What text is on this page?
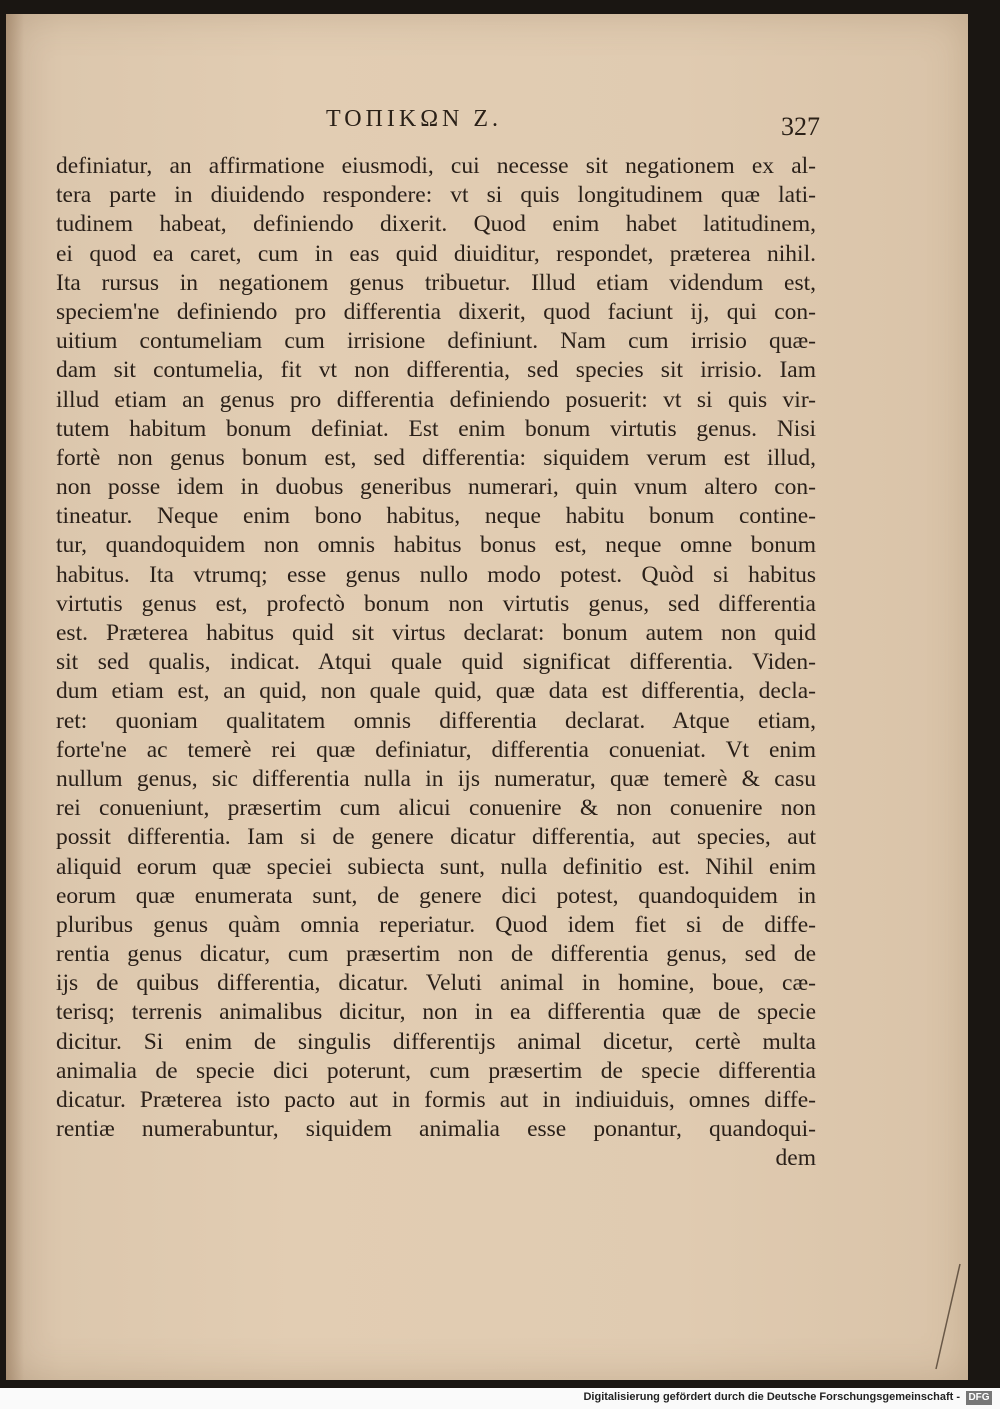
ΤΟΠΙΚΩΝ Ζ.	327
definiatur, an affirmatione eiusmodi, cui necesse sit negationem ex al-
tera parte in diuidendo respondere: vt si quis longitudinem quæ lati-
tudinem habeat, definiendo dixerit. Quod enim habet latitudinem,
ei quod ea caret, cum in eas quid diuiditur, respondet, præterea nihil.
Ita rursus in negationem genus tribuetur. Illud etiam videndum est,
speciem'ne definiendo pro differentia dixerit, quod faciunt ij, qui con-
uitium contumeliam cum irrisione definiunt. Nam cum irrisio quæ-
dam sit contumelia, fit vt non differentia, sed species sit irrisio. Iam
illud etiam an genus pro differentia definiendo posuerit: vt si quis vir-
tutem habitum bonum definiat. Est enim bonum virtutis genus. Nisi
fortè non genus bonum est, sed differentia: siquidem verum est illud,
non posse idem in duobus generibus numerari, quin vnum altero con-
tineatur. Neque enim bono habitus, neque habitu bonum contine-
tur, quandoquidem non omnis habitus bonus est, neque omne bonum
habitus. Ita vtrumq; esse genus nullo modo potest. Quòd si habitus
virtutis genus est, profectò bonum non virtutis genus, sed differentia
est. Præterea habitus quid sit virtus declarat: bonum autem non quid
sit sed qualis, indicat. Atqui quale quid significat differentia. Viden-
dum etiam est, an quid, non quale quid, quæ data est differentia, decla-
ret: quoniam qualitatem omnis differentia declarat. Atque etiam,
forte'ne ac temerè rei quæ definiatur, differentia conueniat. Vt enim
nullum genus, sic differentia nulla in ijs numeratur, quæ temerè & casu
rei conueniunt, præsertim cum alicui conuenire & non conuenire non
possit differentia. Iam si de genere dicatur differentia, aut species, aut
aliquid eorum quæ speciei subiecta sunt, nulla definitio est. Nihil enim
eorum quæ enumerata sunt, de genere dici potest, quandoquidem in
pluribus genus quàm omnia reperiatur. Quod idem fiet si de diffe-
rentia genus dicatur, cum præsertim non de differentia genus, sed de
ijs de quibus differentia, dicatur. Veluti animal in homine, boue, cæ-
terisq; terrenis animalibus dicitur, non in ea differentia quæ de specie
dicitur. Si enim de singulis differentijs animal dicetur, certè multa
animalia de specie dici poterunt, cum præsertim de specie differentia
dicatur. Præterea isto pacto aut in formis aut in indiuiduis, omnes diffe-
rentiæ numerabuntur, siquidem animalia esse ponantur, quandoqui-
dem
Digitalisierung gefördert durch die Deutsche Forschungsgemeinschaft - DFG
